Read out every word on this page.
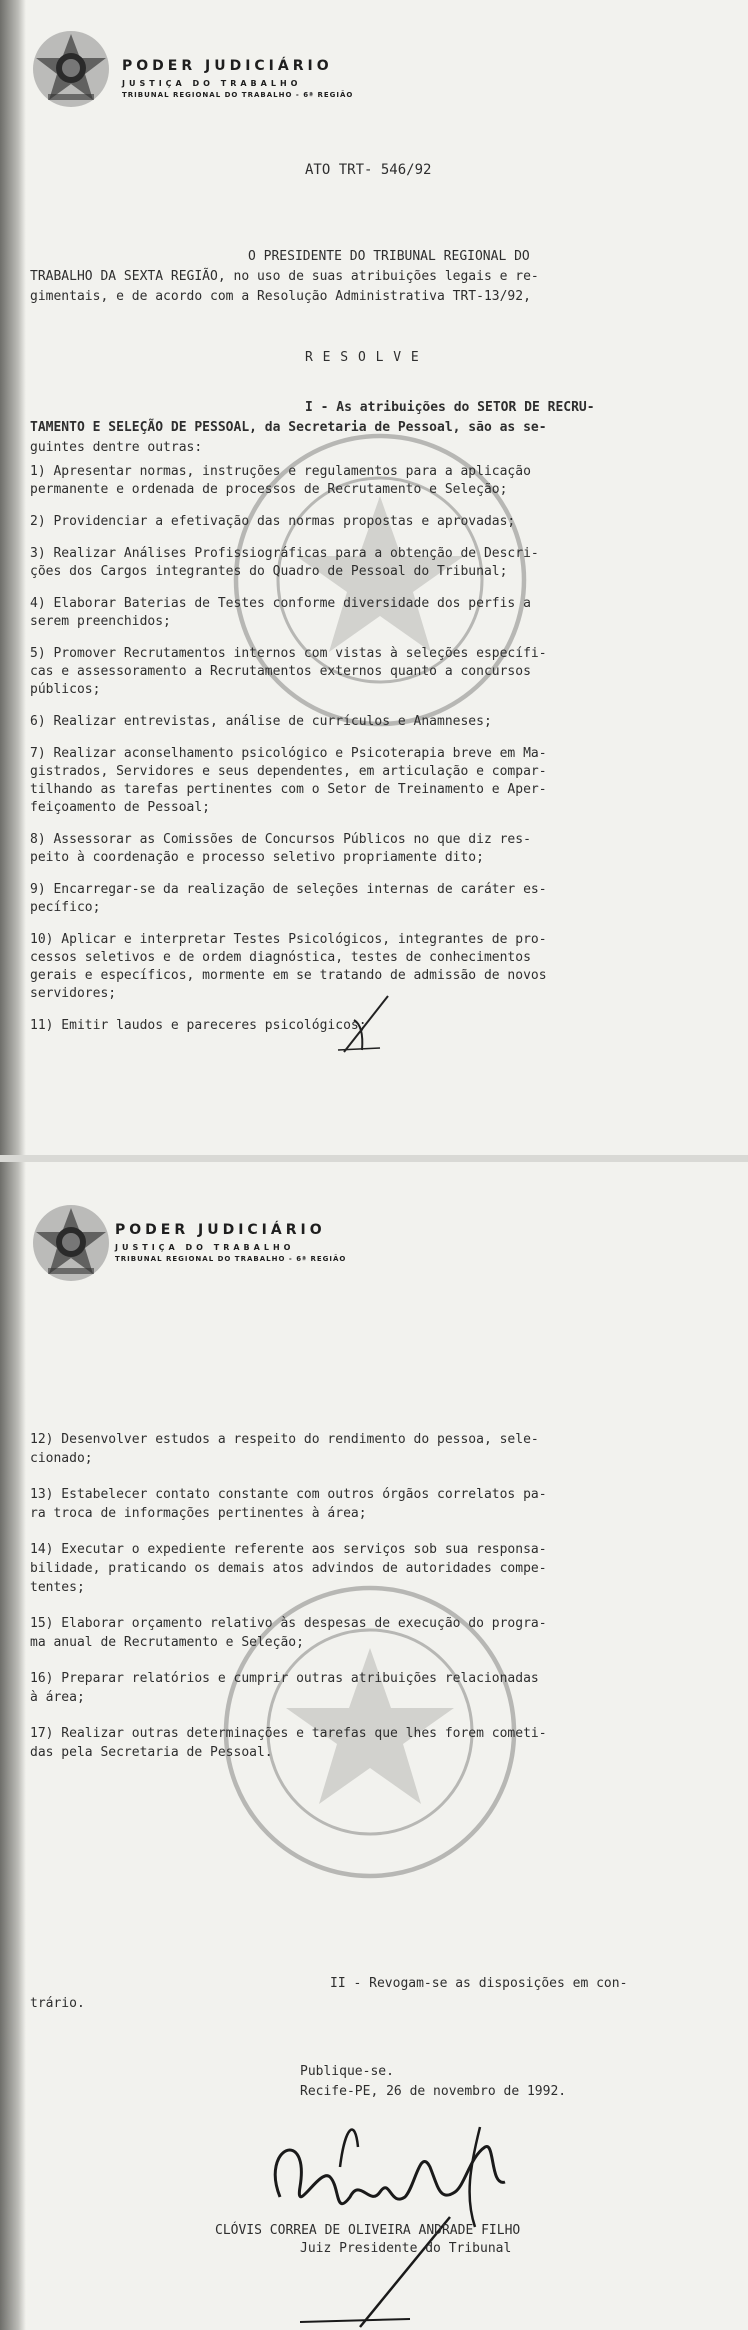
PODER JUDICIÁRIO
JUSTIÇA DO TRABALHO
TRIBUNAL REGIONAL DO TRABALHO - 6ª REGIÃO
ATO TRT- 546/92
O PRESIDENTE DO TRIBUNAL REGIONAL DO
TRABALHO DA SEXTA REGIÃO, no uso de suas atribuições legais e re-
gimentais, e de acordo com a Resolução Administrativa TRT-13/92,
R E S O L V E
I - As atribuições do SETOR DE RECRU-
TAMENTO E SELEÇÃO DE PESSOAL, da Secretaria de Pessoal, são as se-
guintes dentre outras:
1) Apresentar normas, instruções e regulamentos para a aplicação
permanente e ordenada de processos de Recrutamento e Seleção;
2) Providenciar a efetivação das normas propostas e aprovadas;
3) Realizar Análises Profissiográficas para a obtenção de Descri-
ções dos Cargos integrantes do Quadro de Pessoal do Tribunal;
4) Elaborar Baterias de Testes conforme diversidade dos perfis a
serem preenchidos;
5) Promover Recrutamentos internos com vistas à seleções específi-
cas e assessoramento a Recrutamentos externos quanto a concursos
públicos;
6) Realizar entrevistas, análise de currículos e Anamneses;
7) Realizar aconselhamento psicológico e Psicoterapia breve em Ma-
gistrados, Servidores e seus dependentes, em articulação e compar-
tilhando as tarefas pertinentes com o Setor de Treinamento e Aper-
feiçoamento de Pessoal;
8) Assessorar as Comissões de Concursos Públicos no que diz res-
peito à coordenação e processo seletivo propriamente dito;
9) Encarregar-se da realização de seleções internas de caráter es-
pecífico;
10) Aplicar e interpretar Testes Psicológicos, integrantes de pro-
cessos seletivos e de ordem diagnóstica, testes de conhecimentos
gerais e específicos, mormente em se tratando de admissão de novos
servidores;
11) Emitir laudos e pareceres psicológicos;
PODER JUDICIÁRIO
JUSTIÇA DO TRABALHO
TRIBUNAL REGIONAL DO TRABALHO - 6ª REGIÃO
12) Desenvolver estudos a respeito do rendimento do pessoa, sele-
cionado;
13) Estabelecer contato constante com outros órgãos correlatos pa-
ra troca de informações pertinentes à área;
14) Executar o expediente referente aos serviços sob sua responsa-
bilidade, praticando os demais atos advindos de autoridades compe-
tentes;
15) Elaborar orçamento relativo às despesas de execução do progra-
ma anual de Recrutamento e Seleção;
16) Preparar relatórios e cumprir outras atribuições relacionadas
à área;
17) Realizar outras determinações e tarefas que lhes forem cometi-
das pela Secretaria de Pessoal.
II - Revogam-se as disposições em con-
trário.
Publique-se.
Recife-PE, 26 de novembro de 1992.
CLÓVIS CORREA DE OLIVEIRA ANDRADE FILHO
Juiz Presidente do Tribunal
